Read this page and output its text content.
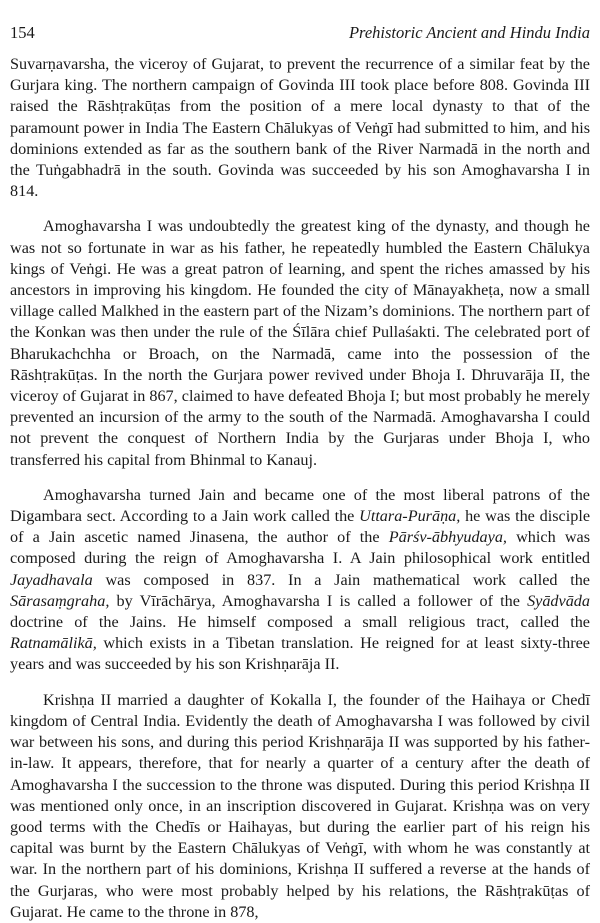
154	Prehistoric Ancient and Hindu India

Suvarṇavarsha, the viceroy of Gujarat, to prevent the recurrence of a similar feat by the Gurjara king. The northern campaign of Govinda III took place before 808. Govinda III raised the Rāshṭrakūṭas from the position of a mere local dynasty to that of the paramount power in India The Eastern Chālukyas of Veṅgī had submitted to him, and his dominions extended as far as the southern bank of the River Narmadā in the north and the Tuṅgabhadrā in the south. Govinda was succeeded by his son Amoghavarsha I in 814.

Amoghavarsha I was undoubtedly the greatest king of the dynasty, and though he was not so fortunate in war as his father, he repeatedly humbled the Eastern Chālukya kings of Veṅgi. He was a great patron of learning, and spent the riches amassed by his ancestors in improving his kingdom. He founded the city of Mānayakheṭa, now a small village called Malkhed in the eastern part of the Nizam’s dominions. The northern part of the Konkan was then under the rule of the Śīlāra chief Pullaśakti. The celebrated port of Bharukachchha or Broach, on the Narmadā, came into the possession of the Rāshṭrakūṭas. In the north the Gurjara power revived under Bhoja I. Dhruvarāja II, the viceroy of Gujarat in 867, claimed to have defeated Bhoja I; but most probably he merely prevented an incursion of the army to the south of the Narmadā. Amoghavarsha I could not prevent the conquest of Northern India by the Gurjaras under Bhoja I, who transferred his capital from Bhinmal to Kanauj.

Amoghavarsha turned Jain and became one of the most liberal patrons of the Digambara sect. According to a Jain work called the Uttara-Purāṇa, he was the disciple of a Jain ascetic named Jinasena, the author of the Pārśv-ābhyudaya, which was composed during the reign of Amoghavarsha I. A Jain philosophical work entitled Jayadhavala was composed in 837. In a Jain mathematical work called the Sārasaṃgraha, by Vīrāchārya, Amoghavarsha I is called a follower of the Syādvāda doctrine of the Jains. He himself composed a small religious tract, called the Ratnamālikā, which exists in a Tibetan translation. He reigned for at least sixty-three years and was succeeded by his son Krishṇarāja II.

Krishṇa II married a daughter of Kokalla I, the founder of the Haihaya or Chedī kingdom of Central India. Evidently the death of Amoghavarsha I was followed by civil war between his sons, and during this period Krishṇarāja II was supported by his father-in-law. It appears, therefore, that for nearly a quarter of a century after the death of Amoghavarsha I the succession to the throne was disputed. During this period Krishṇa II was mentioned only once, in an inscription discovered in Gujarat. Krishṇa was on very good terms with the Chedīs or Haihayas, but during the earlier part of his reign his capital was burnt by the Eastern Chālukyas of Veṅgī, with whom he was constantly at war. In the northern part of his dominions, Krishṇa II suffered a reverse at the hands of the Gurjaras, who were most probably helped by his relations, the Rāshṭrakūṭas of Gujarat. He came to the throne in 878,
